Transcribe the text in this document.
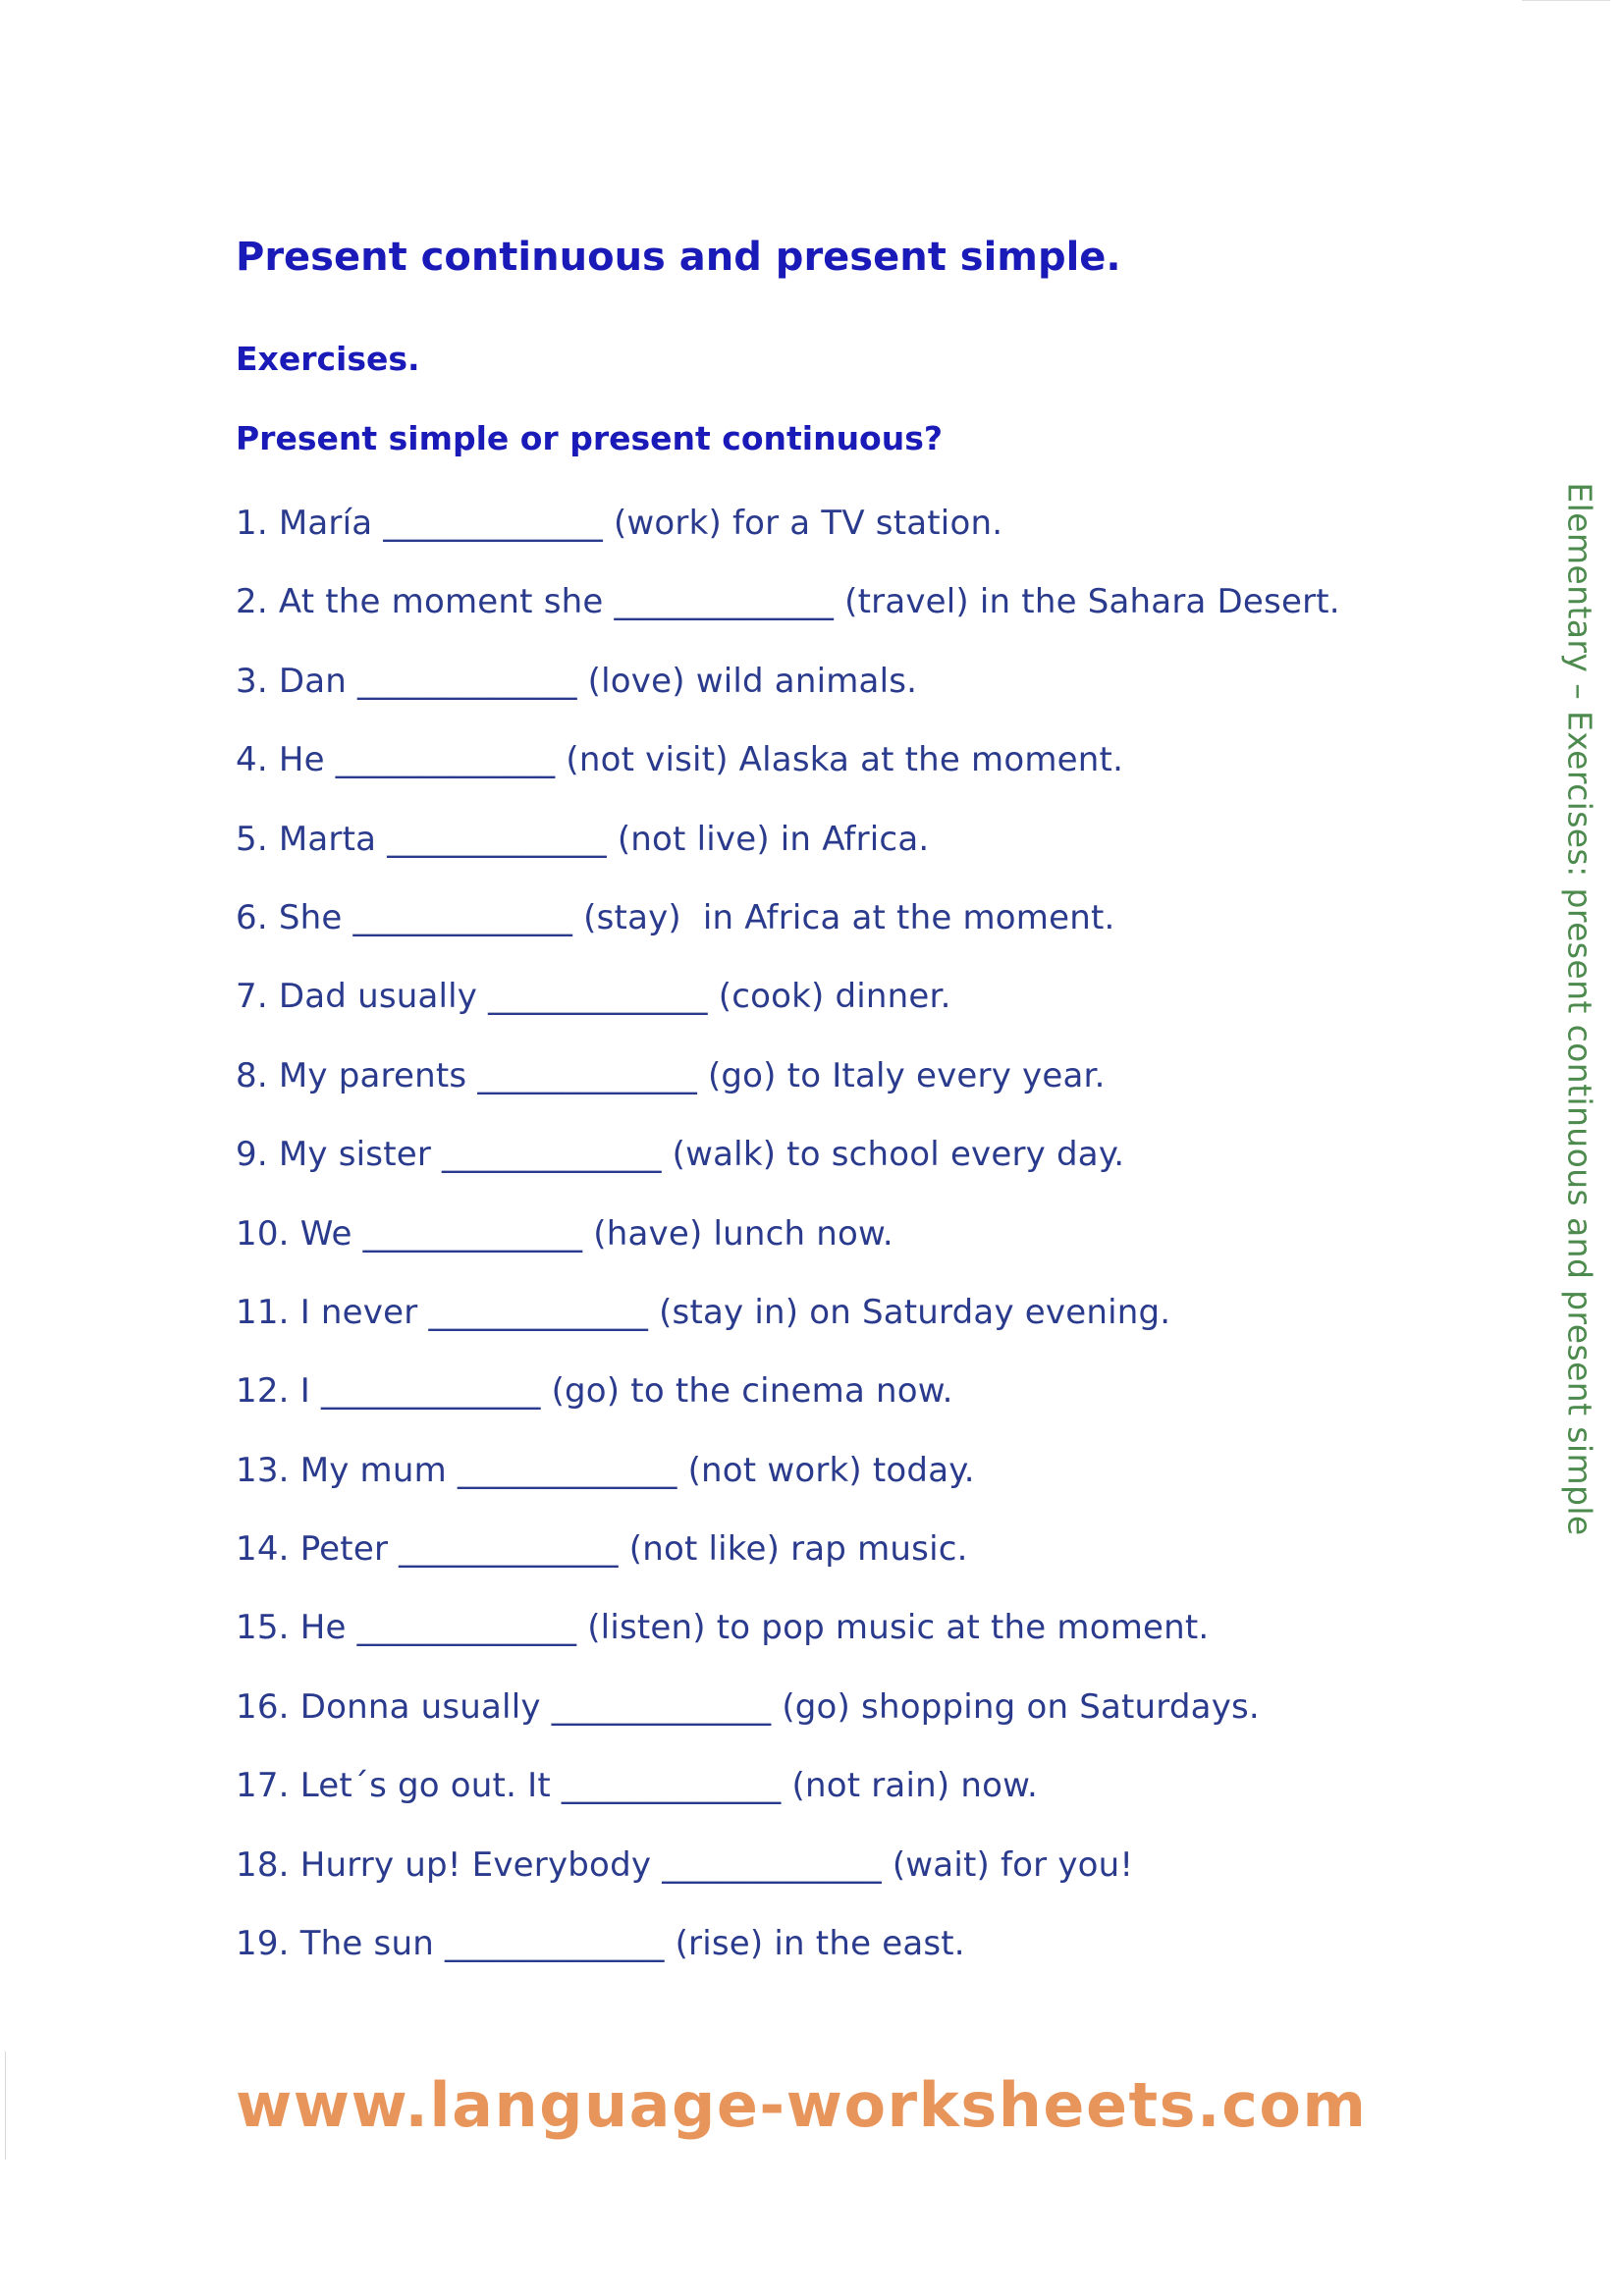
Present continuous and present simple.
Exercises.
Present simple or present continuous?
1. María _____________ (work) for a TV station.
2. At the moment she _____________ (travel) in the Sahara Desert.
3. Dan _____________ (love) wild animals.
4. He _____________ (not visit) Alaska at the moment.
5. Marta _____________ (not live) in Africa.
6. She _____________ (stay)  in Africa at the moment.
7. Dad usually _____________ (cook) dinner.
8. My parents _____________ (go) to Italy every year.
9. My sister _____________ (walk) to school every day.
10. We _____________ (have) lunch now.
11. I never _____________ (stay in) on Saturday evening.
12. I _____________ (go) to the cinema now.
13. My mum _____________ (not work) today.
14. Peter _____________ (not like) rap music.
15. He _____________ (listen) to pop music at the moment.
16. Donna usually _____________ (go) shopping on Saturdays.
17. Let´s go out. It _____________ (not rain) now.
18. Hurry up! Everybody _____________ (wait) for you!
19. The sun _____________ (rise) in the east.
Elementary – Exercises: present continuous and present simple
www.language-worksheets.com
